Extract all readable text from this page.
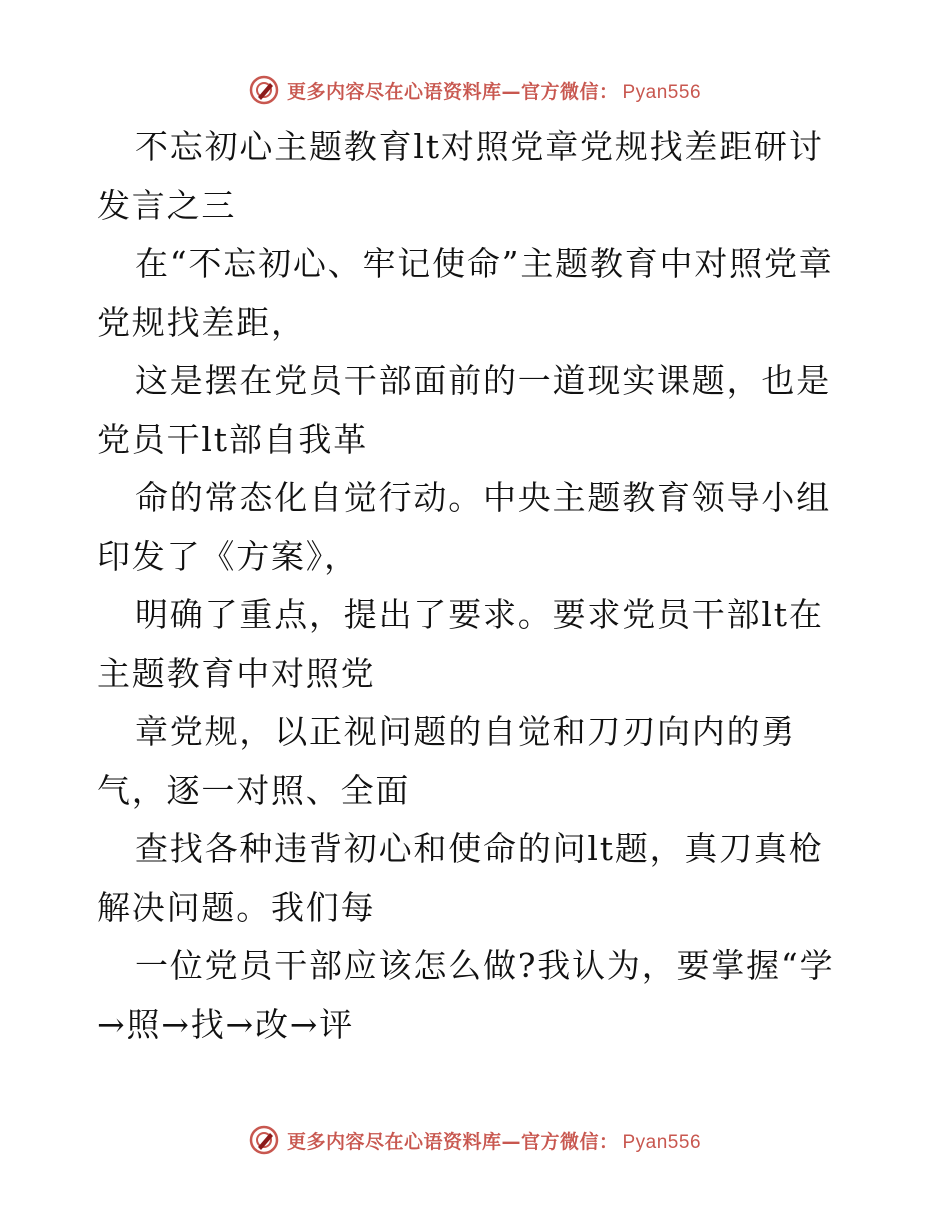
更多内容尽在心语资料库—官方微信： Pyan556

不忘初心主题教育lt对照党章党规找差距研讨发言之三

在“不忘初心、牢记使命”主题教育中对照党章党规找差距，

这是摆在党员干部面前的一道现实课题，也是党员干lt部自我革

命的常态化自觉行动。中央主题教育领导小组印发了《方案》，

明确了重点，提出了要求。要求党员干部lt在主题教育中对照党

章党规，以正视问题的自觉和刀刃向内的勇气，逐一对照、全面

查找各种违背初心和使命的问lt题，真刀真枪解决问题。我们每

一位党员干部应该怎么做?我认为，要掌握“学→照→找→改→评

更多内容尽在心语资料库—官方微信： Pyan556
